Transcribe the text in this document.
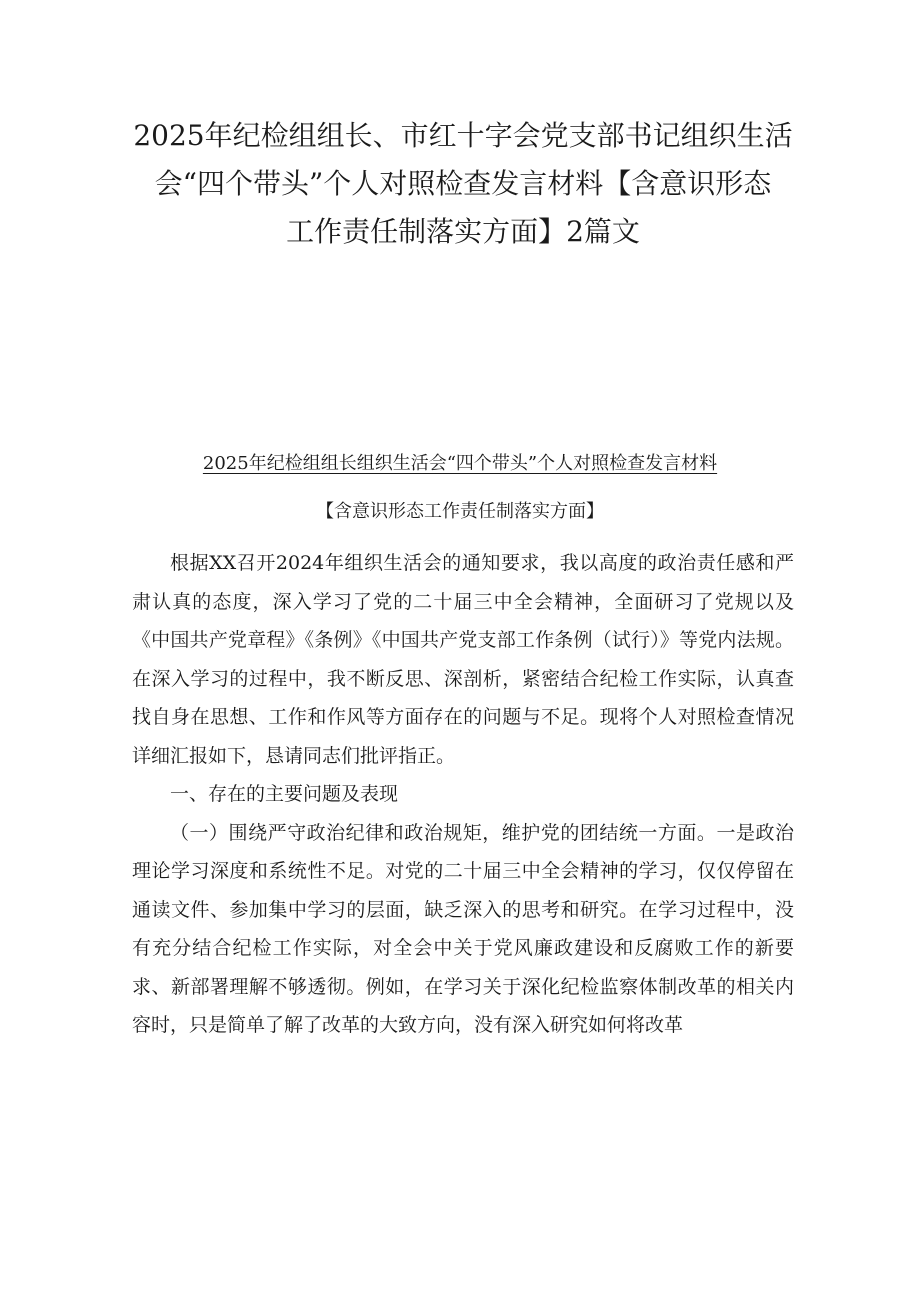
2025年纪检组组长、市红十字会党支部书记组织生活
会“四个带头”个人对照检查发言材料【含意识形态
工作责任制落实方面】2篇文
2025年纪检组组长组织生活会“四个带头”个人对照检查发言材料
【含意识形态工作责任制落实方面】

根据XX召开2024年组织生活会的通知要求，我以高度的政治责任感和严肃认真的态度，深入学习了党的二十届三中全会精神，全面研习了党规以及《中国共产党章程》《条例》《中国共产党支部工作条例（试行）》等党内法规。在深入学习的过程中，我不断反思、深剖析，紧密结合纪检工作实际，认真查找自身在思想、工作和作风等方面存在的问题与不足。现将个人对照检查情况详细汇报如下，恳请同志们批评指正。

一、存在的主要问题及表现

（一）围绕严守政治纪律和政治规矩，维护党的团结统一方面。一是政治理论学习深度和系统性不足。对党的二十届三中全会精神的学习，仅仅停留在通读文件、参加集中学习的层面，缺乏深入的思考和研究。在学习过程中，没有充分结合纪检工作实际，对全会中关于党风廉政建设和反腐败工作的新要求、新部署理解不够透彻。例如，在学习关于深化纪检监察体制改革的相关内容时，只是简单了解了改革的大致方向，没有深入研究如何将改革
